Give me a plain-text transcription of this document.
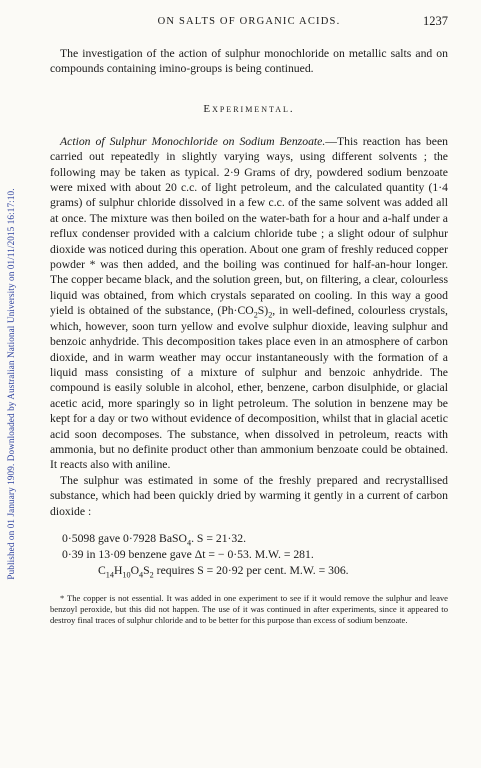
Published on 01 January 1909. Downloaded by Australian National University on 01/11/2015 16:17:10.
ON SALTS OF ORGANIC ACIDS.	1237

The investigation of the action of sulphur monochloride on metallic salts and on compounds containing imino-groups is being continued.

Experimental.

Action of Sulphur Monochloride on Sodium Benzoate.—This reaction has been carried out repeatedly in slightly varying ways, using different solvents ; the following may be taken as typical. 2·9 Grams of dry, powdered sodium benzoate were mixed with about 20 c.c. of light petroleum, and the calculated quantity (1·4 grams) of sulphur chloride dissolved in a few c.c. of the same solvent was added all at once. The mixture was then boiled on the water-bath for a hour and a-half under a reflux condenser provided with a calcium chloride tube ; a slight odour of sulphur dioxide was noticed during this operation. About one gram of freshly reduced copper powder * was then added, and the boiling was continued for half-an-hour longer. The copper became black, and the solution green, but, on filtering, a clear, colourless liquid was obtained, from which crystals separated on cooling. In this way a good yield is obtained of the substance, $(Ph\cdot CO_2S)_2$, in well-defined, colourless crystals, which, however, soon turn yellow and evolve sulphur dioxide, leaving sulphur and benzoic anhydride. This decomposition takes place even in an atmosphere of carbon dioxide, and in warm weather may occur instantaneously with the formation of a liquid mass consisting of a mixture of sulphur and benzoic anhydride. The compound is easily soluble in alcohol, ether, benzene, carbon disulphide, or glacial acetic acid, more sparingly so in light petroleum. The solution in benzene may be kept for a day or two without evidence of decomposition, whilst that in glacial acetic acid soon decomposes. The substance, when dissolved in petroleum, reacts with ammonia, but no definite product other than ammonium benzoate could be obtained. It reacts also with aniline.

The sulphur was estimated in some of the freshly prepared and recrystallised substance, which had been quickly dried by warming it gently in a current of carbon dioxide :

0·5098 gave 0·7928 BaSO$_4$. S = 21·32.
0·39 in 13·09 benzene gave Δt = − 0·53. M.W. = 281.
$C_{14}H_{10}O_4S_2$ requires S = 20·92 per cent. M.W. = 306.

* The copper is not essential. It was added in one experiment to see if it would remove the sulphur and leave benzoyl peroxide, but this did not happen. The use of it was continued in after experiments, since it appeared to destroy final traces of sulphur chloride and to be better for this purpose than excess of sodium benzoate.
